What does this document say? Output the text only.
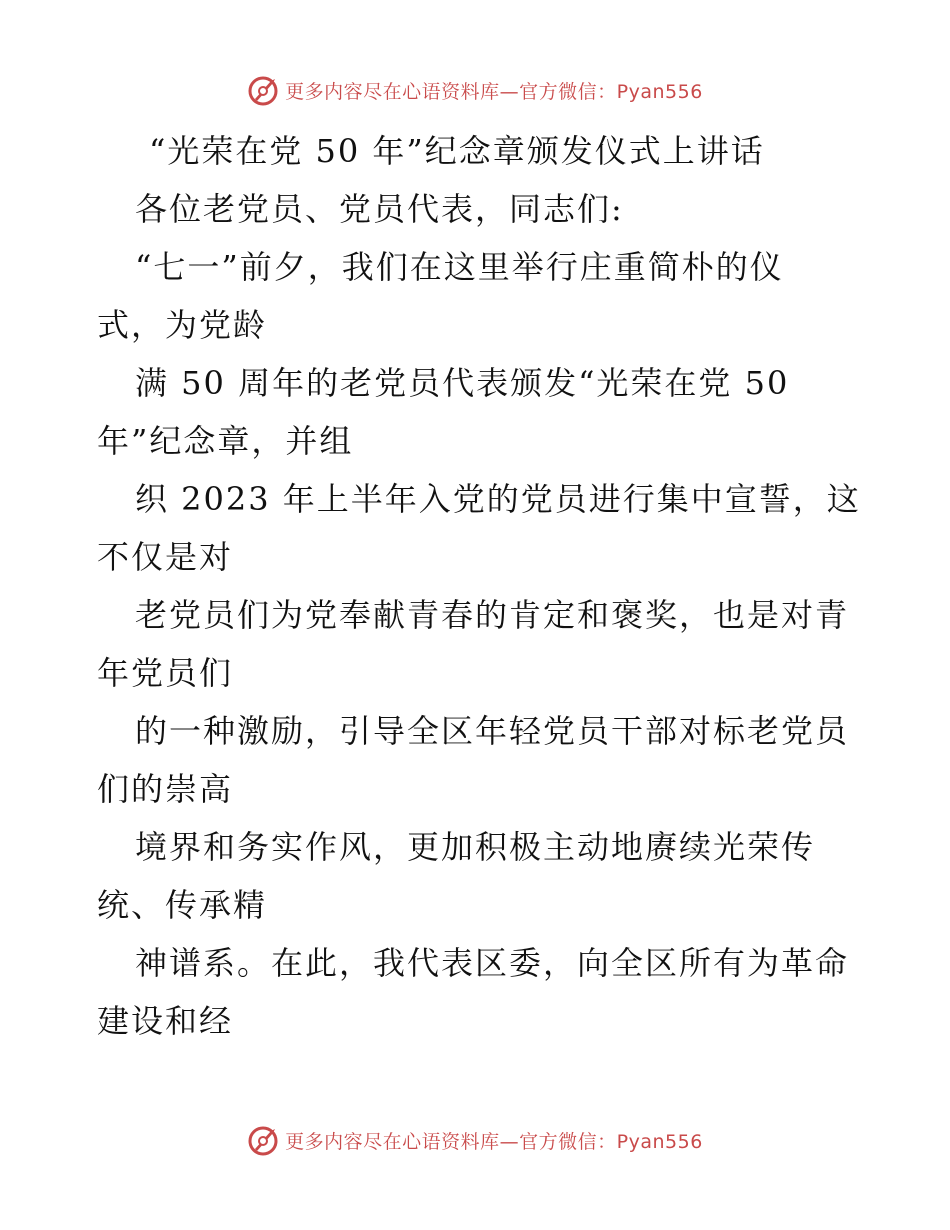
更多内容尽在心语资料库—官方微信：Pyan556
“光荣在党 50 年”纪念章颁发仪式上讲话
各位老党员、党员代表，同志们:
“七一”前夕，我们在这里举行庄重简朴的仪
式，为党龄
满 50 周年的老党员代表颁发“光荣在党 50
年”纪念章，并组
织 2023 年上半年入党的党员进行集中宣誓，这
不仅是对
老党员们为党奉献青春的肯定和褒奖，也是对青
年党员们
的一种激励，引导全区年轻党员干部对标老党员
们的崇高
境界和务实作风，更加积极主动地赓续光荣传
统、传承精
神谱系。在此，我代表区委，向全区所有为革命
建设和经
更多内容尽在心语资料库—官方微信：Pyan556
